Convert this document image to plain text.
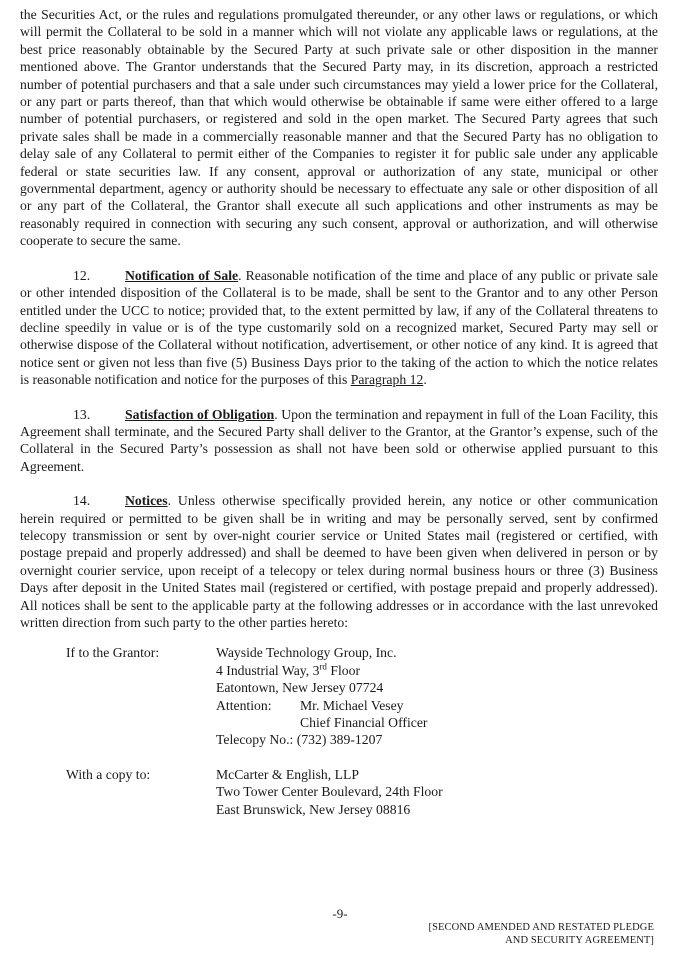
the Securities Act, or the rules and regulations promulgated thereunder, or any other laws or regulations, or which will permit the Collateral to be sold in a manner which will not violate any applicable laws or regulations, at the best price reasonably obtainable by the Secured Party at such private sale or other disposition in the manner mentioned above. The Grantor understands that the Secured Party may, in its discretion, approach a restricted number of potential purchasers and that a sale under such circumstances may yield a lower price for the Collateral, or any part or parts thereof, than that which would otherwise be obtainable if same were either offered to a large number of potential purchasers, or registered and sold in the open market. The Secured Party agrees that such private sales shall be made in a commercially reasonable manner and that the Secured Party has no obligation to delay sale of any Collateral to permit either of the Companies to register it for public sale under any applicable federal or state securities law. If any consent, approval or authorization of any state, municipal or other governmental department, agency or authority should be necessary to effectuate any sale or other disposition of all or any part of the Collateral, the Grantor shall execute all such applications and other instruments as may be reasonably required in connection with securing any such consent, approval or authorization, and will otherwise cooperate to secure the same.

12.	Notification of Sale. Reasonable notification of the time and place of any public or private sale or other intended disposition of the Collateral is to be made, shall be sent to the Grantor and to any other Person entitled under the UCC to notice; provided that, to the extent permitted by law, if any of the Collateral threatens to decline speedily in value or is of the type customarily sold on a recognized market, Secured Party may sell or otherwise dispose of the Collateral without notification, advertisement, or other notice of any kind. It is agreed that notice sent or given not less than five (5) Business Days prior to the taking of the action to which the notice relates is reasonable notification and notice for the purposes of this Paragraph 12.

13.	Satisfaction of Obligation. Upon the termination and repayment in full of the Loan Facility, this Agreement shall terminate, and the Secured Party shall deliver to the Grantor, at the Grantor’s expense, such of the Collateral in the Secured Party’s possession as shall not have been sold or otherwise applied pursuant to this Agreement.

14.	Notices. Unless otherwise specifically provided herein, any notice or other communication herein required or permitted to be given shall be in writing and may be personally served, sent by confirmed telecopy transmission or sent by over-night courier service or United States mail (registered or certified, with postage prepaid and properly addressed) and shall be deemed to have been given when delivered in person or by overnight courier service, upon receipt of a telecopy or telex during normal business hours or three (3) Business Days after deposit in the United States mail (registered or certified, with postage prepaid and properly addressed). All notices shall be sent to the applicable party at the following addresses or in accordance with the last unrevoked written direction from such party to the other parties hereto:

If to the Grantor:	Wayside Technology Group, Inc.
4 Industrial Way, 3rd Floor
Eatontown, New Jersey 07724
Attention:	Mr. Michael Vesey
Chief Financial Officer
Telecopy No.: (732) 389-1207
With a copy to:	McCarter & English, LLP
Two Tower Center Boulevard, 24th Floor
East Brunswick, New Jersey 08816
-9-
[SECOND AMENDED AND RESTATED PLEDGE
AND SECURITY AGREEMENT]
